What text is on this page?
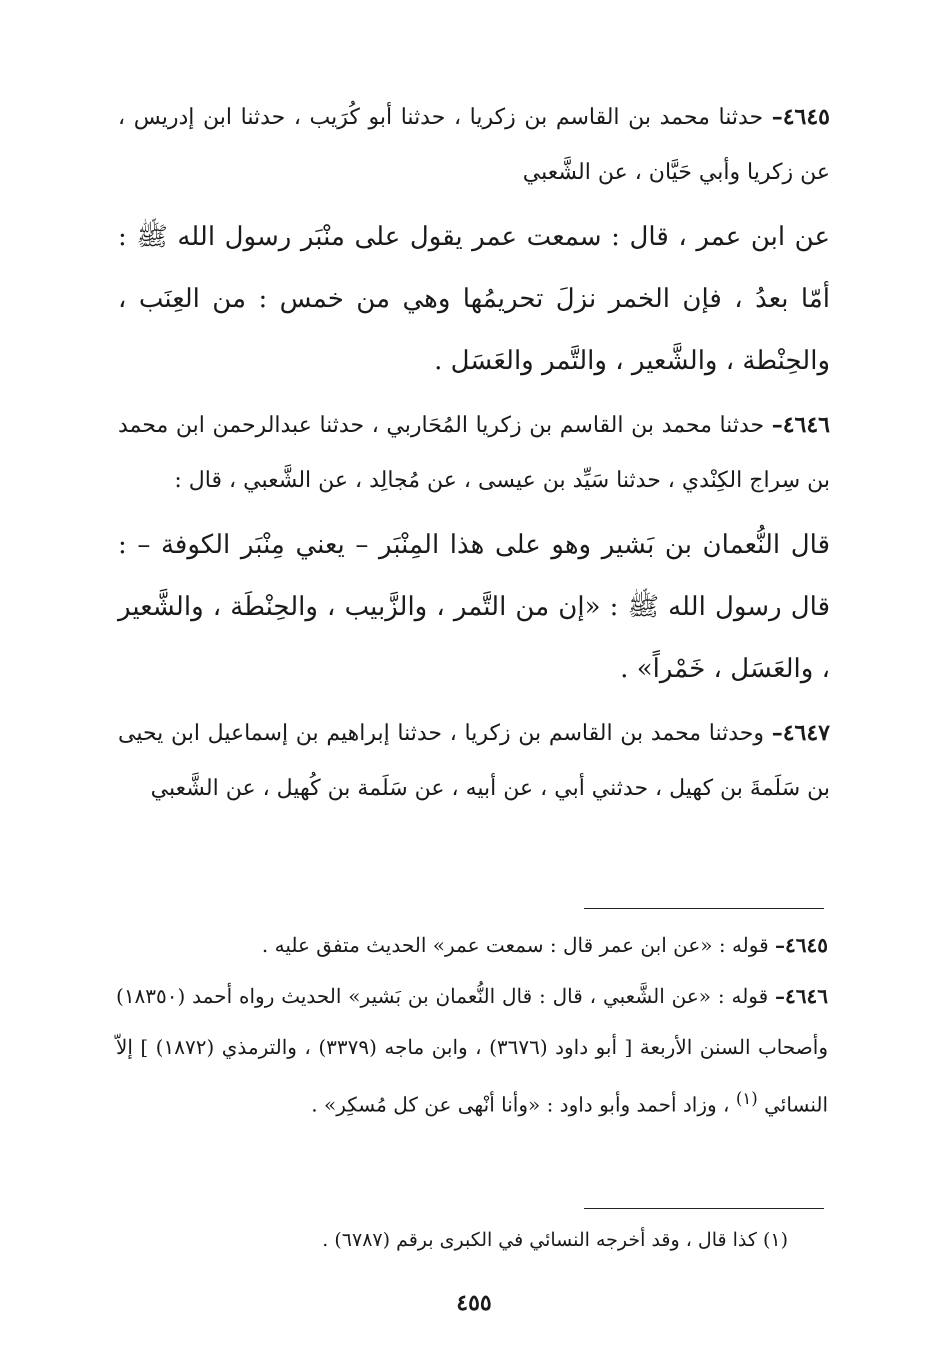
٤٦٤٥– حدثنا محمد بن القاسم بن زكريا ، حدثنا أبو كُرَيب ، حدثنا ابن إدريس ، عن زكريا وأبي حَيَّان ، عن الشَّعبي

عن ابن عمر ، قال : سمعت عمر يقول على منْبَر رسول الله ﷺ : أمّا بعدُ ، فإن الخمر نزلَ تحريمُها وهي من خمس : من العِنَب ، والحِنْطة ، والشَّعير ، والتَّمر والعَسَل .

٤٦٤٦– حدثنا محمد بن القاسم بن زكريا المُحَاربي ، حدثنا عبدالرحمن ابن محمد بن سِراج الكِنْدي ، حدثنا سَيِّد بن عيسى ، عن مُجالِد ، عن الشَّعبي ، قال :

قال النُّعمان بن بَشير وهو على هذا المِنْبَر – يعني مِنْبَر الكوفة – : قال رسول الله ﷺ : «إن من التَّمر ، والزَّبيب ، والحِنْطَة ، والشَّعير ، والعَسَل ، خَمْراً» .

٤٦٤٧– وحدثنا محمد بن القاسم بن زكريا ، حدثنا إبراهيم بن إسماعيل ابن يحيى بن سَلَمةَ بن كهيل ، حدثني أبي ، عن أبيه ، عن سَلَمة بن كُهيل ، عن الشَّعبي

٤٦٤٥– قوله : «عن ابن عمر قال : سمعت عمر» الحديث متفق عليه .

٤٦٤٦– قوله : «عن الشَّعبي ، قال : قال النُّعمان بن بَشير» الحديث رواه أحمد (١٨٣٥٠) وأصحاب السنن الأربعة [ أبو داود (٣٦٧٦) ، وابن ماجه (٣٣٧٩) ، والترمذي (١٨٧٢) ] إلاّ النسائي $^{(١)}$ ، وزاد أحمد وأبو داود : «وأنا أنْهى عن كل مُسكِر» .

(١) كذا قال ، وقد أخرجه النسائي في الكبرى برقم (٦٧٨٧) .
٤٥٥
